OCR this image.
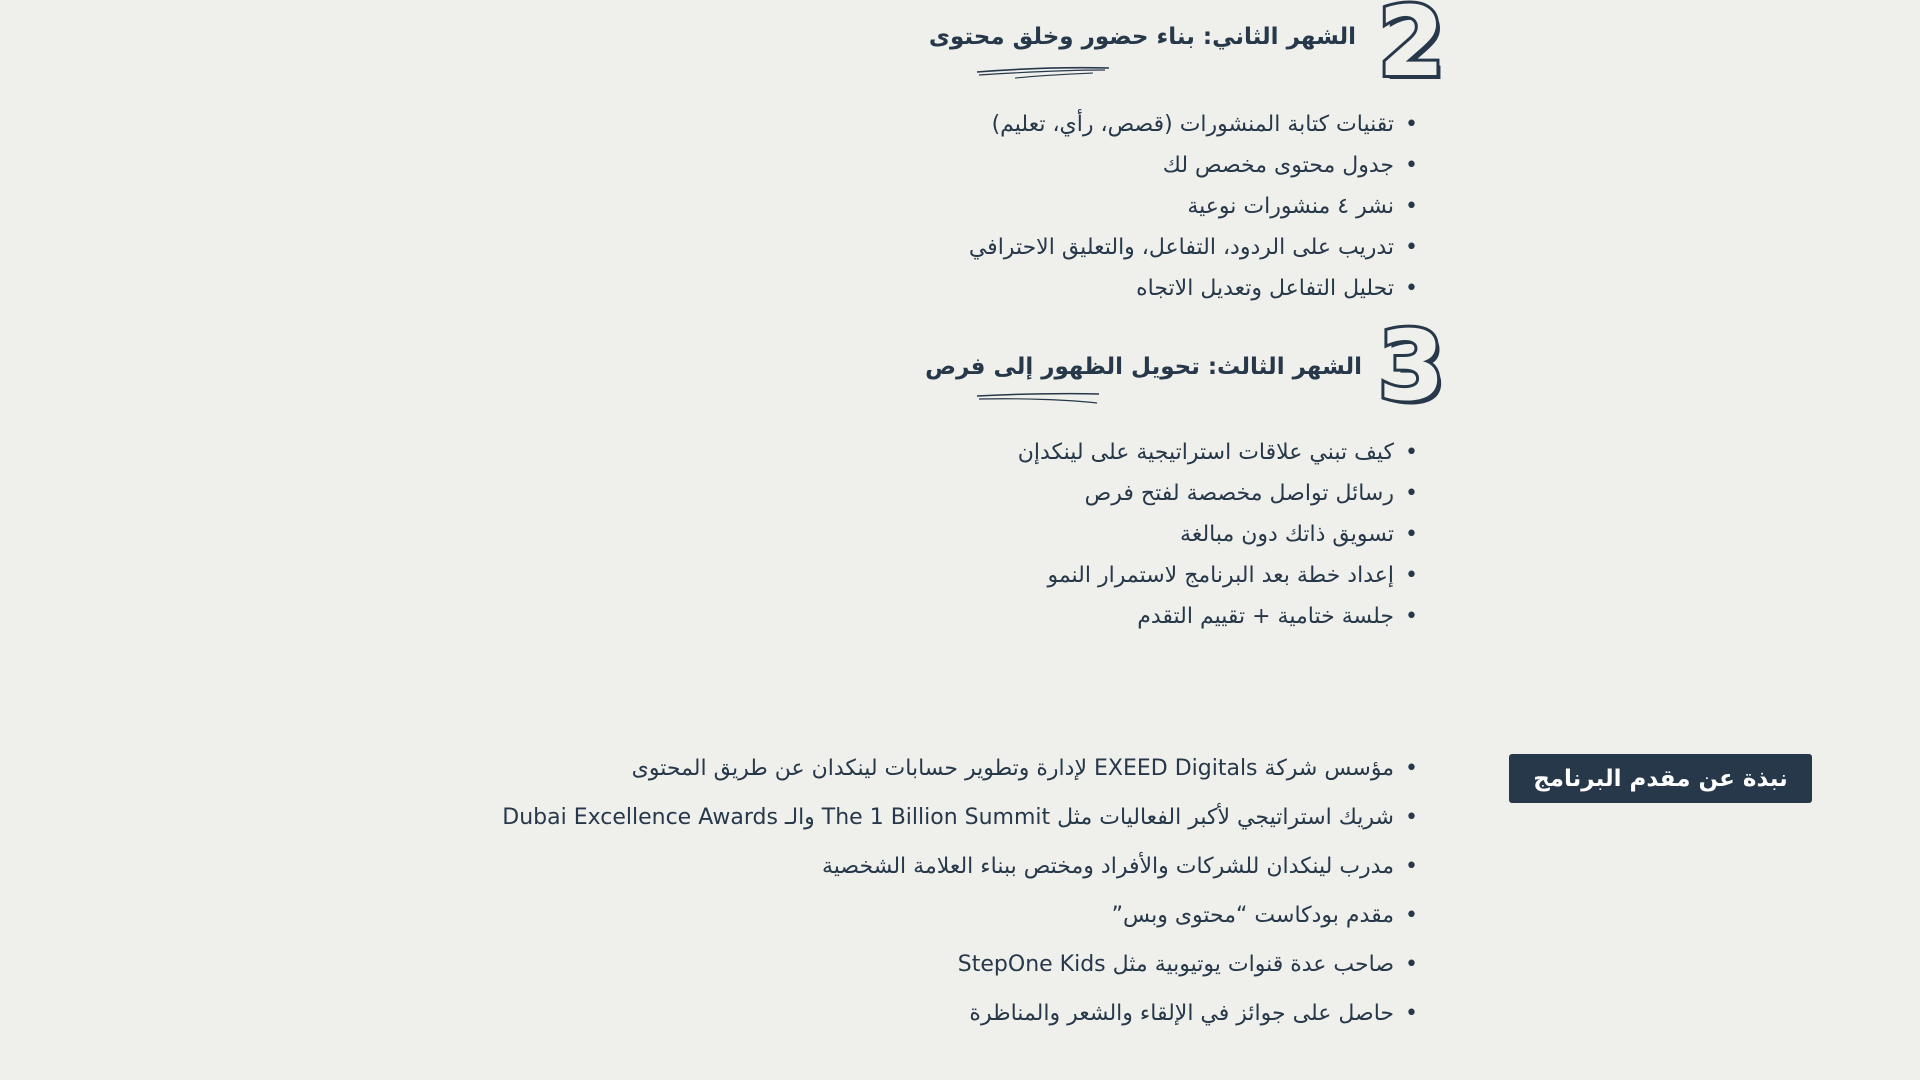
2
الشهر الثاني: بناء حضور وخلق محتوى
• تقنيات كتابة المنشورات (قصص، رأي، تعليم)
• جدول محتوى مخصص لك
• نشر ٤ منشورات نوعية
• تدريب على الردود، التفاعل، والتعليق الاحترافي
• تحليل التفاعل وتعديل الاتجاه
3
الشهر الثالث: تحويل الظهور إلى فرص
• كيف تبني علاقات استراتيجية على لينكدإن
• رسائل تواصل مخصصة لفتح فرص
• تسويق ذاتك دون مبالغة
• إعداد خطة بعد البرنامج لاستمرار النمو
• جلسة ختامية + تقييم التقدم
نبذة عن مقدم البرنامج
• مؤسس شركة EXEED Digitals لإدارة وتطوير حسابات لينكدان عن طريق المحتوى
• شريك استراتيجي لأكبر الفعاليات مثل The 1 Billion Summit والـ Dubai Excellence Awards
• مدرب لينكدان للشركات والأفراد ومختص ببناء العلامة الشخصية
• مقدم بودكاست “محتوى وبس”
• صاحب عدة قنوات يوتيوبية مثل StepOne Kids
• حاصل على جوائز في الإلقاء والشعر والمناظرة
